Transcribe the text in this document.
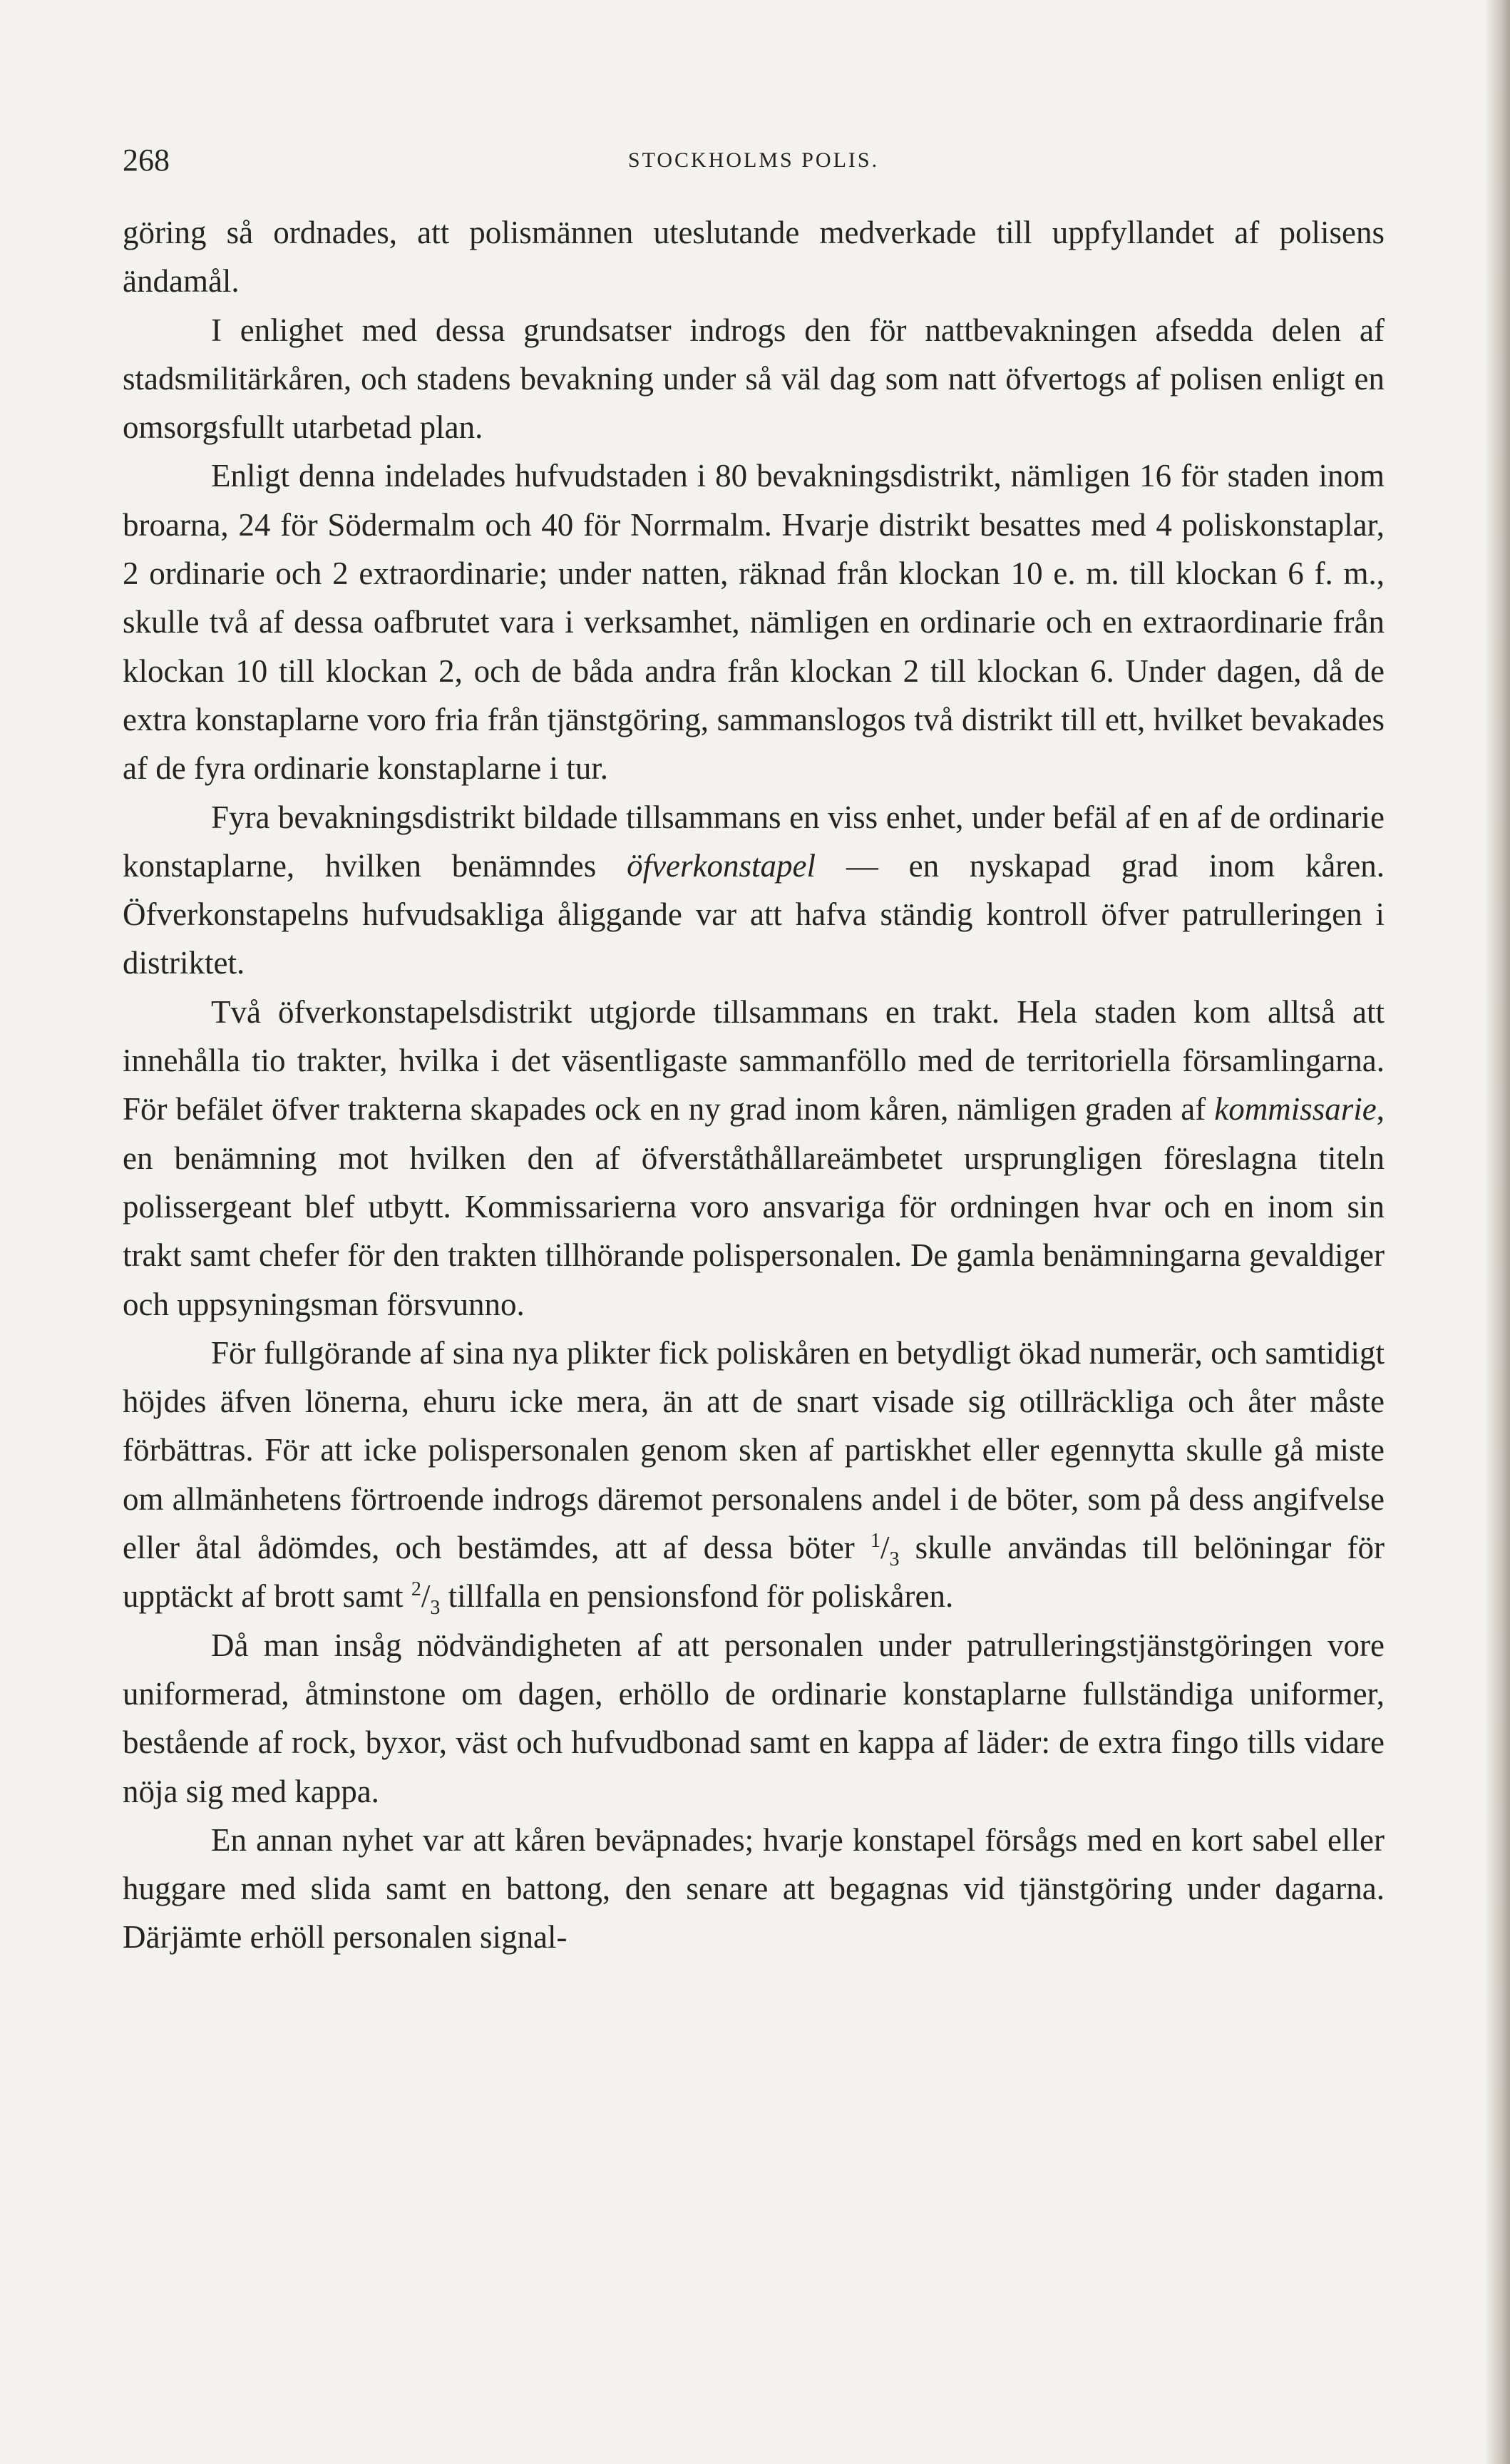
268	STOCKHOLMS POLIS.

göring så ordnades, att polismännen uteslutande medverkade till uppfyllandet af polisens ändamål.

I enlighet med dessa grundsatser indrogs den för nattbevakningen afsedda delen af stadsmilitärkåren, och stadens bevakning under så väl dag som natt öfvertogs af polisen enligt en omsorgsfullt utarbetad plan.

Enligt denna indelades hufvudstaden i 80 bevakningsdistrikt, nämligen 16 för staden inom broarna, 24 för Södermalm och 40 för Norrmalm. Hvarje distrikt besattes med 4 poliskonstaplar, 2 ordinarie och 2 extraordinarie; under natten, räknad från klockan 10 e. m. till klockan 6 f. m., skulle två af dessa oafbrutet vara i verksamhet, nämligen en ordinarie och en extraordinarie från klockan 10 till klockan 2, och de båda andra från klockan 2 till klockan 6. Under dagen, då de extra konstaplarne voro fria från tjänstgöring, sammanslogos två distrikt till ett, hvilket bevakades af de fyra ordinarie konstaplarne i tur.

Fyra bevakningsdistrikt bildade tillsammans en viss enhet, under befäl af en af de ordinarie konstaplarne, hvilken benämndes öfverkonstapel — en nyskapad grad inom kåren. Öfverkonstapelns hufvudsakliga åliggande var att hafva ständig kontroll öfver patrulleringen i distriktet.

Två öfverkonstapelsdistrikt utgjorde tillsammans en trakt. Hela staden kom alltså att innehålla tio trakter, hvilka i det väsentligaste sammanföllo med de territoriella församlingarna. För befälet öfver trakterna skapades ock en ny grad inom kåren, nämligen graden af kommissarie, en benämning mot hvilken den af öfverståthållareämbetet ursprungligen föreslagna titeln polissergeant blef utbytt. Kommissarierna voro ansvariga för ordningen hvar och en inom sin trakt samt chefer för den trakten tillhörande polispersonalen. De gamla benämningarna gevaldiger och uppsyningsman försvunno.

För fullgörande af sina nya plikter fick poliskåren en betydligt ökad numerär, och samtidigt höjdes äfven lönerna, ehuru icke mera, än att de snart visade sig otillräckliga och åter måste förbättras. För att icke polispersonalen genom sken af partiskhet eller egennytta skulle gå miste om allmänhetens förtroende indrogs däremot personalens andel i de böter, som på dess angifvelse eller åtal ådömdes, och bestämdes, att af dessa böter $^1/_3$ skulle användas till belöningar för upptäckt af brott samt $^2/_3$ tillfalla en pensionsfond för poliskåren.

Då man insåg nödvändigheten af att personalen under patrulleringstjänstgöringen vore uniformerad, åtminstone om dagen, erhöllo de ordinarie konstaplarne fullständiga uniformer, bestående af rock, byxor, väst och hufvudbonad samt en kappa af läder: de extra fingo tills vidare nöja sig med kappa.

En annan nyhet var att kåren beväpnades; hvarje konstapel försågs med en kort sabel eller huggare med slida samt en battong, den senare att begagnas vid tjänstgöring under dagarna. Därjämte erhöll personalen signal-
